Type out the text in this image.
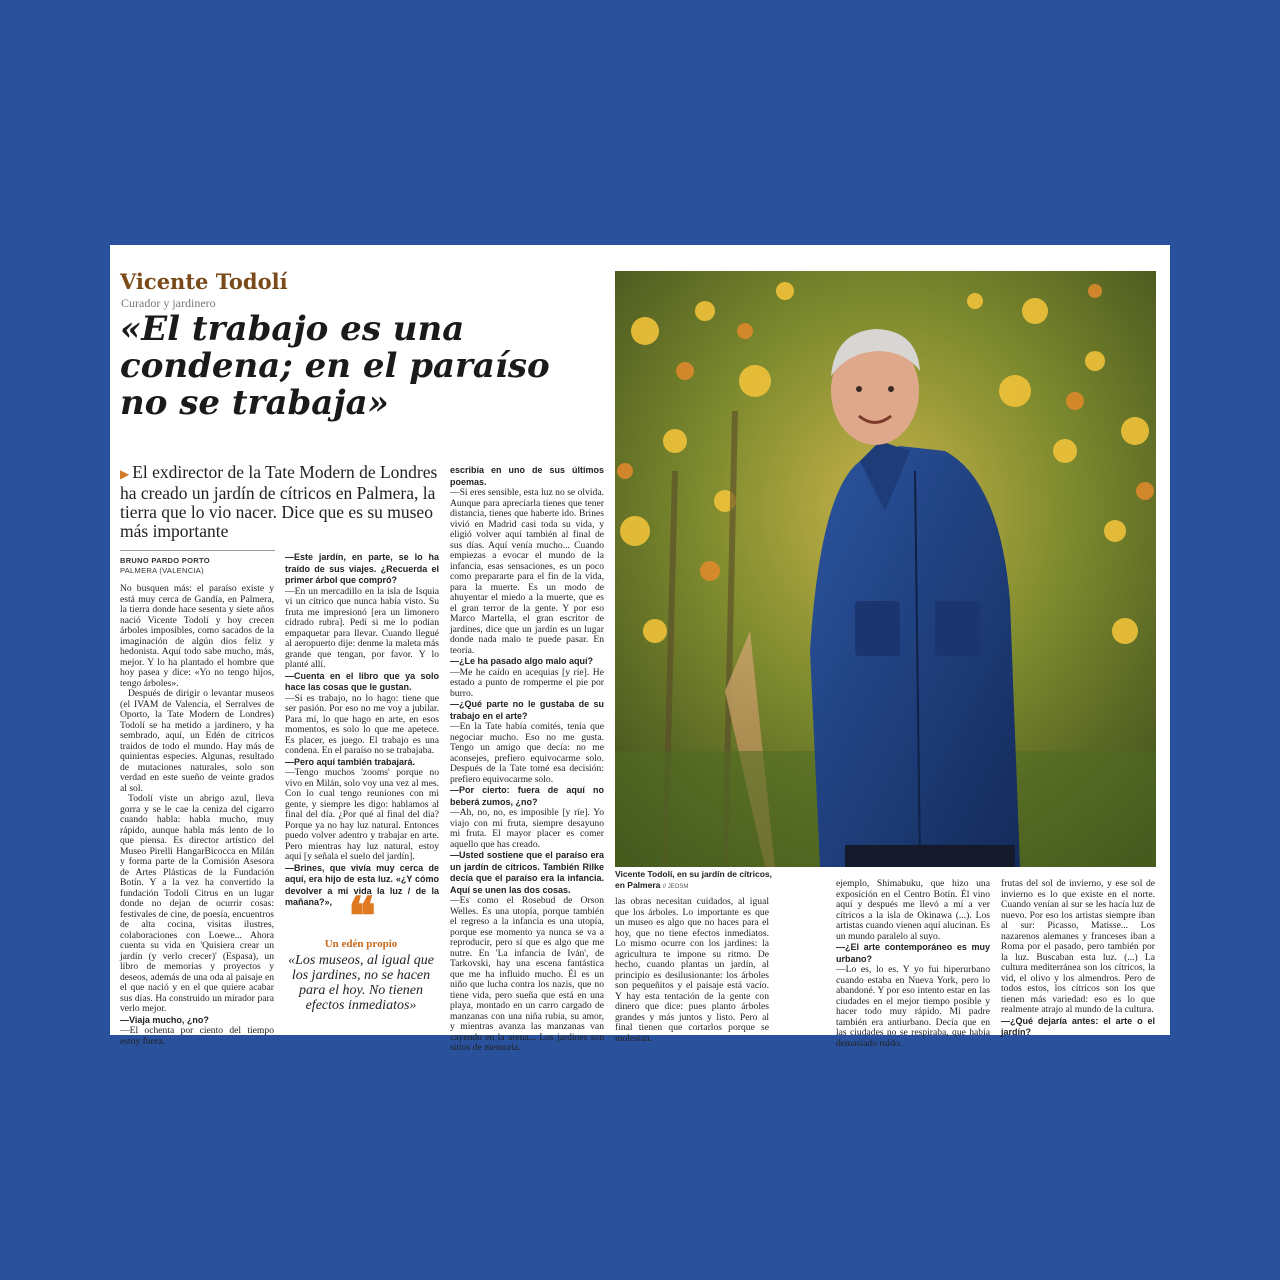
Vicente Todolí
Curador y jardinero
«El trabajo es una condena; en el paraíso no se trabaja»
▶ El exdirector de la Tate Modern de Londres ha creado un jardín de cítricos en Palmera, la tierra que lo vio nacer. Dice que es su museo más importante
BRUNO PARDO PORTO
PALMERA (VALENCIA)

No busquen más: el paraíso existe y está muy cerca de Gandía, en Palmera, la tierra donde hace sesenta y siete años nació Vicente Todolí y hoy crecen árboles imposibles, como sacados de la imaginación de algún dios feliz y hedonista. Aquí todo sabe mucho, más, mejor. Y lo ha plantado el hombre que hoy pasea y dice: «Yo no tengo hijos, tengo árboles».

Después de dirigir o levantar museos (el IVAM de Valencia, el Serralves de Oporto, la Tate Modern de Londres) Todolí se ha metido a jardinero, y ha sembrado, aquí, un Edén de cítricos traídos de todo el mundo. Hay más de quinientas especies. Algunas, resultado de mutaciones naturales, solo son verdad en este sueño de veinte grados al sol.

Todolí viste un abrigo azul, lleva gorra y se le cae la ceniza del cigarro cuando habla: habla mucho, muy rápido, aunque habla más lento de lo que piensa. Es director artístico del Museo Pirelli HangarBicocca en Milán y forma parte de la Comisión Asesora de Artes Plásticas de la Fundación Botín. Y a la vez ha convertido la fundación Todolí Citrus en un lugar donde no dejan de ocurrir cosas: festivales de cine, de poesía, encuentros de alta cocina, visitas ilustres, colaboraciones con Loewe... Ahora cuenta su vida en 'Quisiera crear un jardín (y verlo crecer)' (Espasa), un libro de memorias y proyectos y deseos, además de una oda al paisaje en el que nació y en el que quiere acabar sus días. Ha construido un mirador para verlo mejor.

—Viaja mucho, ¿no?

—El ochenta por ciento del tiempo estoy fuera.

—Este jardín, en parte, se lo ha traído de sus viajes. ¿Recuerda el primer árbol que compró?

—En un mercadillo en la isla de Isquia vi un cítrico que nunca había visto. Su fruta me impresionó [era un limonero cidrado rubra]. Pedí si me lo podían empaquetar para llevar. Cuando llegué al aeropuerto dije: denme la maleta más grande que tengan, por favor. Y lo planté allí.

—Cuenta en el libro que ya solo hace las cosas que le gustan.

—Si es trabajo, no lo hago: tiene que ser pasión. Por eso no me voy a jubilar. Para mí, lo que hago en arte, en esos momentos, es solo lo que me apetece. Es placer, es juego. El trabajo es una condena. En el paraíso no se trabajaba.

—Pero aquí también trabajará.

—Tengo muchos 'zooms' porque no vivo en Milán, solo voy una vez al mes. Con lo cual tengo reuniones con mi gente, y siempre les digo: hablamos al final del día. ¿Por qué al final del día? Porque ya no hay luz natural. Entonces puedo volver adentro y trabajar en arte. Pero mientras hay luz natural, estoy aquí [y señala el suelo del jardín].

—Brines, que vivía muy cerca de aquí, era hijo de esta luz. «¿Y cómo devolver a mi vida la luz / de la mañana?»,

escribía en uno de sus últimos poemas.

—Si eres sensible, esta luz no se olvida. Aunque para apreciarla tienes que tener distancia, tienes que haberte ido. Brines vivió en Madrid casi toda su vida, y eligió volver aquí también al final de sus días. Aquí venía mucho... Cuando empiezas a evocar el mundo de la infancia, esas sensaciones, es un poco como prepararte para el fin de la vida, para la muerte. Es un modo de ahuyentar el miedo a la muerte, que es el gran terror de la gente. Y por eso Marco Martella, el gran escritor de jardines, dice que un jardín es un lugar donde nada malo te puede pasar. En teoría.

—¿Le ha pasado algo malo aquí?

—Me he caído en acequias [y ríe]. He estado a punto de romperme el pie por burro.

—¿Qué parte no le gustaba de su trabajo en el arte?

—En la Tate había comités, tenía que negociar mucho. Eso no me gusta. Tengo un amigo que decía: no me aconsejes, prefiero equivocarme solo. Después de la Tate tomé esa decisión: prefiero equivocarme solo.

—Por cierto: fuera de aquí no beberá zumos, ¿no?

—Ah, no, no, es imposible [y ríe]. Yo viajo con mi fruta, siempre desayuno mi fruta. El mayor placer es comer aquello que has creado.

—Usted sostiene que el paraíso era un jardín de cítricos. También Rilke decía que el paraíso era la infancia. Aquí se unen las dos cosas.

—Es como el Rosebud de Orson Welles. Es una utopía, porque también el regreso a la infancia es una utopía, porque ese momento ya nunca se va a reproducir, pero sí que es algo que me nutre. En 'La infancia de Iván', de Tarkovski, hay una escena fantástica que me ha influido mucho. Él es un niño que lucha contra los nazis, que no tiene vida, pero sueña que está en una playa, montado en un carro cargado de manzanas con una niña rubia, su amor, y mientras avanza las manzanas van cayendo en la arena... Los jardines son sitios de memoria.

las obras necesitan cuidados, al igual que los árboles. Lo importante es que un museo es algo que no haces para el hoy, que no tiene efectos inmediatos. Lo mismo ocurre con los jardines: la agricultura te impone su ritmo. De hecho, cuando plantas un jardín, al principio es desilusionante: los árboles son pequeñitos y el paisaje está vacío. Y hay esta tentación de la gente con dinero que dice: pues planto árboles grandes y más juntos y listo. Pero al final tienen que cortarlos porque se molestan.

ejemplo, Shimabuku, que hizo una exposición en el Centro Botín. Él vino aquí y después me llevó a mí a ver cítricos a la isla de Okinawa (...). Los artistas cuando vienen aquí alucinan. Es un mundo paralelo al suyo.

—¿El arte contemporáneo es muy urbano?

—Lo es, lo es. Y yo fui hiperurbano cuando estaba en Nueva York, pero lo abandoné. Y por eso intento estar en las ciudades en el mejor tiempo posible y hacer todo muy rápido. Mi padre también era antiurbano. Decía que en las ciudades no se respiraba, que había demasiado ruido.

frutas del sol de invierno, y ese sol de invierno es lo que existe en el norte. Cuando venían al sur se les hacía luz de nuevo. Por eso los artistas siempre iban al sur: Picasso, Matisse... Los nazarenos alemanes y franceses iban a Roma por el pasado, pero también por la luz. Buscaban esta luz. (...) La cultura mediterránea son los cítricos, la vid, el olivo y los almendros. Pero de todos estos, los cítricos son los que tienen más variedad: eso es lo que realmente atrajo al mundo de la cultura.

—¿Qué dejaría antes: el arte o el jardín?

❝
Un edén propio
«Los museos, al igual que los jardines, no se hacen para el hoy. No tienen efectos inmediatos»
Vicente Todolí, en su jardín de cítricos, en Palmera // JEOSM
